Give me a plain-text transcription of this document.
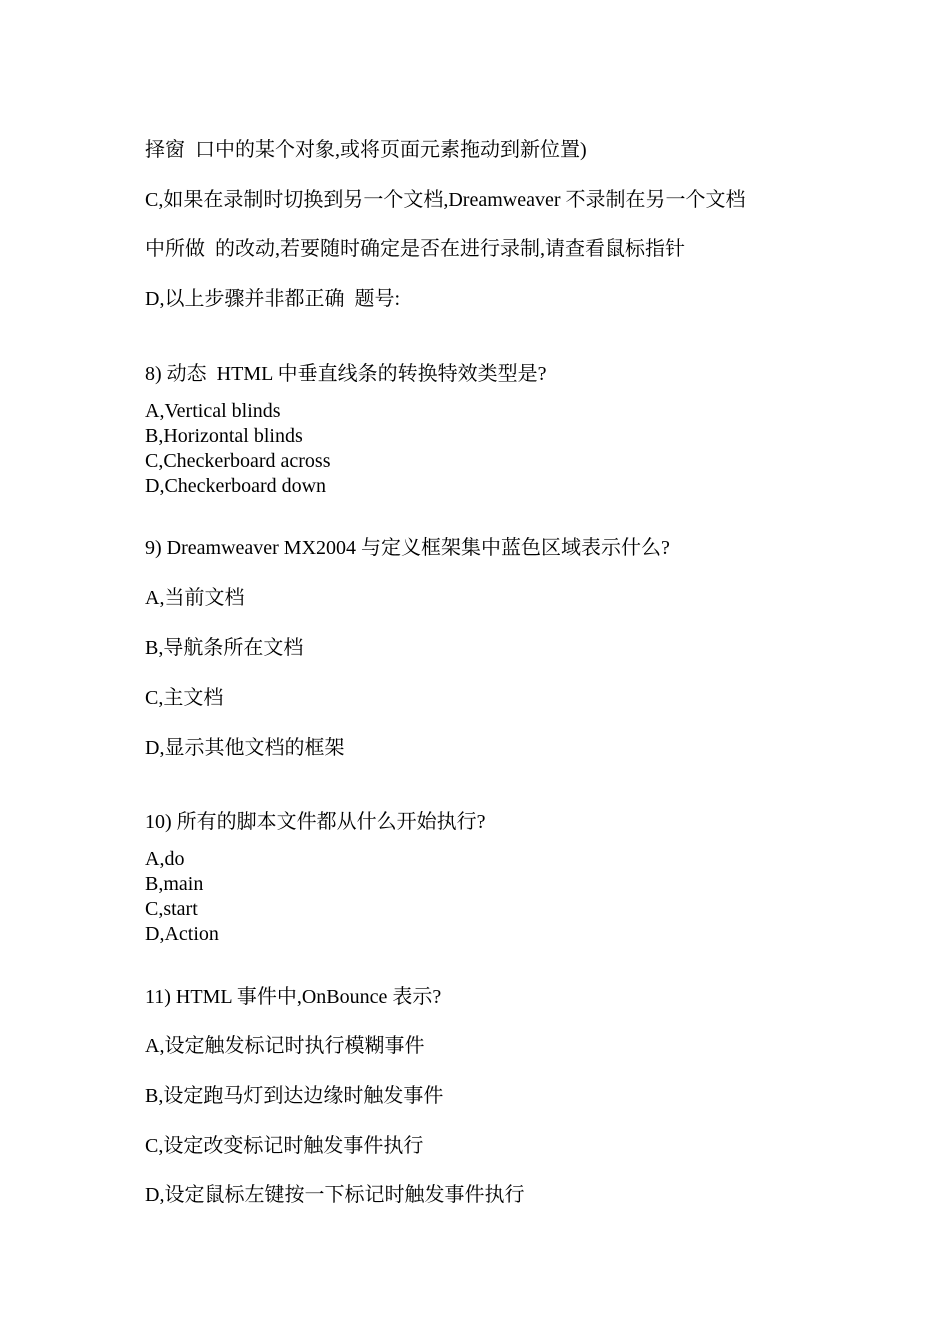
择窗  口中的某个对象,或将页面元素拖动到新位置)
C,如果在录制时切换到另一个文档,Dreamweaver 不录制在另一个文档
中所做  的改动,若要随时确定是否在进行录制,请查看鼠标指针
D,以上步骤并非都正确  题号:
8) 动态  HTML 中垂直线条的转换特效类型是?
A,Vertical blinds
B,Horizontal blinds
C,Checkerboard across
D,Checkerboard down
9) Dreamweaver MX2004 与定义框架集中蓝色区域表示什么?
A,当前文档
B,导航条所在文档
C,主文档
D,显示其他文档的框架
10) 所有的脚本文件都从什么开始执行?
A,do
B,main
C,start
D,Action
11) HTML 事件中,OnBounce 表示?
A,设定触发标记时执行模糊事件
B,设定跑马灯到达边缘时触发事件
C,设定改变标记时触发事件执行
D,设定鼠标左键按一下标记时触发事件执行
